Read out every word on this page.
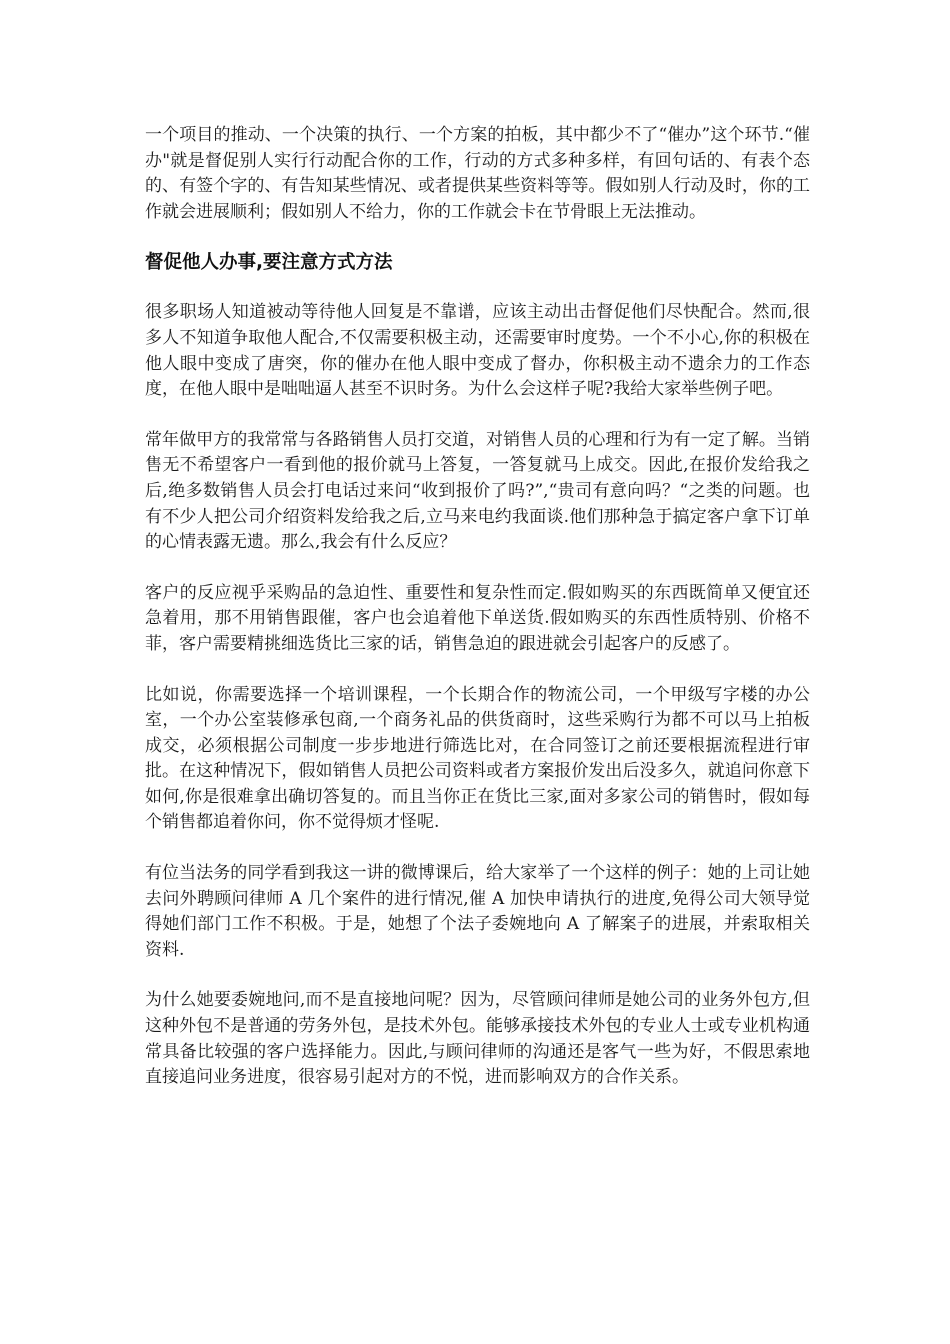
一个项目的推动、一个决策的执行、一个方案的拍板，其中都少不了“催办”这个环节.“催办"就是督促别人实行行动配合你的工作，行动的方式多种多样，有回句话的、有表个态的、有签个字的、有告知某些情况、或者提供某些资料等等。假如别人行动及时，你的工作就会进展顺利；假如别人不给力，你的工作就会卡在节骨眼上无法推动。

督促他人办事,要注意方式方法

很多职场人知道被动等待他人回复是不靠谱，应该主动出击督促他们尽快配合。然而,很多人不知道争取他人配合,不仅需要积极主动，还需要审时度势。一个不小心,你的积极在他人眼中变成了唐突，你的催办在他人眼中变成了督办，你积极主动不遗余力的工作态度，在他人眼中是咄咄逼人甚至不识时务。为什么会这样子呢?我给大家举些例子吧。

常年做甲方的我常常与各路销售人员打交道，对销售人员的心理和行为有一定了解。当销售无不希望客户一看到他的报价就马上答复，一答复就马上成交。因此,在报价发给我之后,绝多数销售人员会打电话过来问“收到报价了吗?”,“贵司有意向吗？“之类的问题。也有不少人把公司介绍资料发给我之后,立马来电约我面谈.他们那种急于搞定客户拿下订单的心情表露无遗。那么,我会有什么反应？

客户的反应视乎采购品的急迫性、重要性和复杂性而定.假如购买的东西既简单又便宜还急着用，那不用销售跟催，客户也会追着他下单送货.假如购买的东西性质特别、价格不菲，客户需要精挑细选货比三家的话，销售急迫的跟进就会引起客户的反感了。

比如说，你需要选择一个培训课程，一个长期合作的物流公司，一个甲级写字楼的办公室，一个办公室装修承包商,一个商务礼品的供货商时，这些采购行为都不可以马上拍板成交，必须根据公司制度一步步地进行筛选比对，在合同签订之前还要根据流程进行审批。在这种情况下，假如销售人员把公司资料或者方案报价发出后没多久，就追问你意下如何,你是很难拿出确切答复的。而且当你正在货比三家,面对多家公司的销售时，假如每个销售都追着你问，你不觉得烦才怪呢.

有位当法务的同学看到我这一讲的微博课后，给大家举了一个这样的例子：她的上司让她去问外聘顾问律师 A 几个案件的进行情况,催 A 加快申请执行的进度,免得公司大领导觉得她们部门工作不积极。于是，她想了个法子委婉地向 A 了解案子的进展，并索取相关资料.

为什么她要委婉地问,而不是直接地问呢？因为，尽管顾问律师是她公司的业务外包方,但这种外包不是普通的劳务外包，是技术外包。能够承接技术外包的专业人士或专业机构通常具备比较强的客户选择能力。因此,与顾问律师的沟通还是客气一些为好，不假思索地直接追问业务进度，很容易引起对方的不悦，进而影响双方的合作关系。
